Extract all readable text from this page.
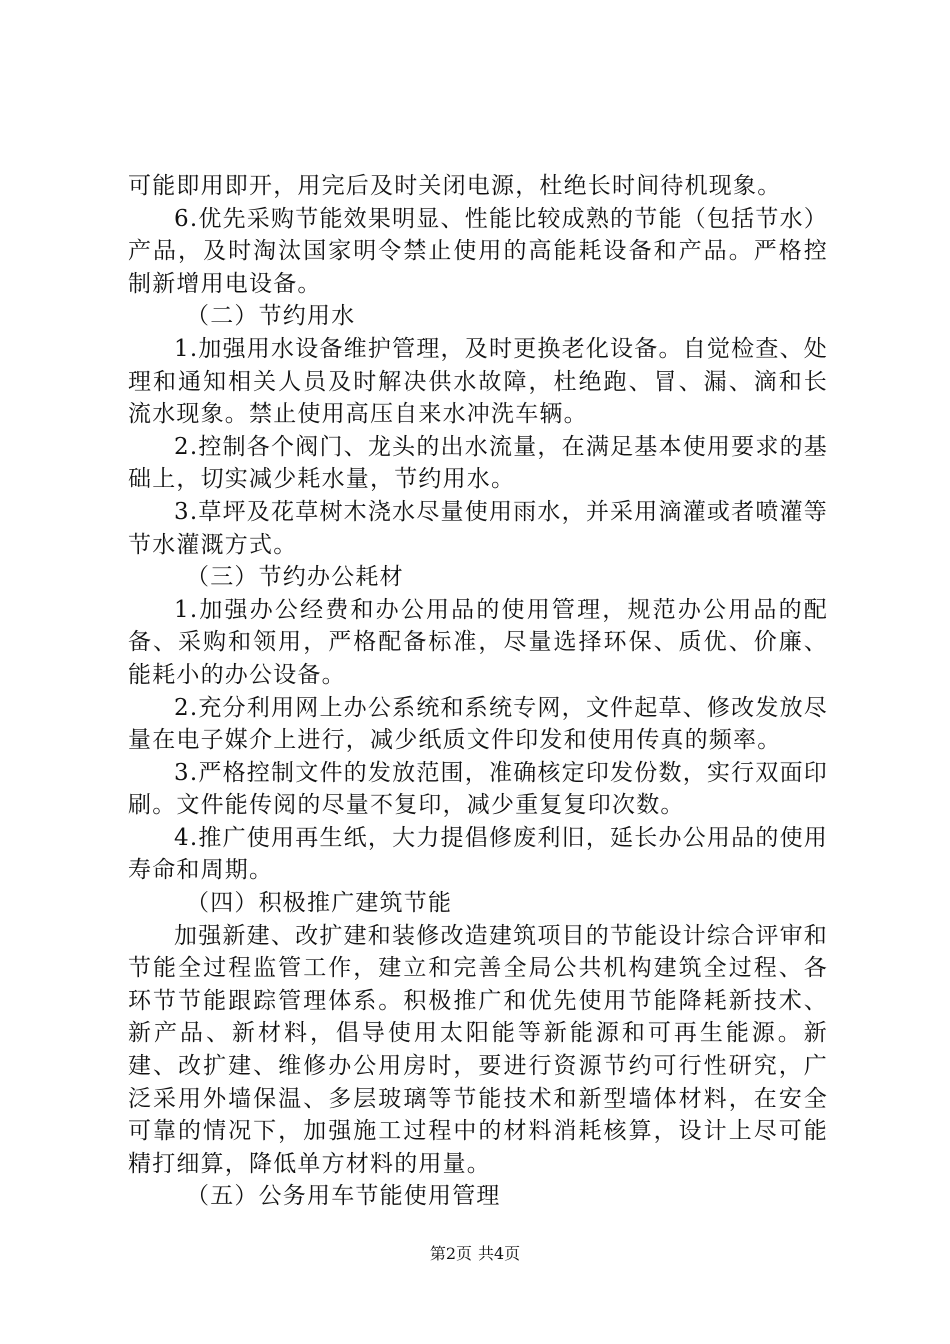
可能即用即开，用完后及时关闭电源，杜绝长时间待机现象。

6.优先采购节能效果明显、性能比较成熟的节能（包括节水）产品，及时淘汰国家明令禁止使用的高能耗设备和产品。严格控制新增用电设备。

（二）节约用水

1.加强用水设备维护管理，及时更换老化设备。自觉检查、处理和通知相关人员及时解决供水故障，杜绝跑、冒、漏、滴和长流水现象。禁止使用高压自来水冲洗车辆。

2.控制各个阀门、龙头的出水流量，在满足基本使用要求的基础上，切实减少耗水量，节约用水。

3.草坪及花草树木浇水尽量使用雨水，并采用滴灌或者喷灌等节水灌溉方式。

（三）节约办公耗材

1.加强办公经费和办公用品的使用管理，规范办公用品的配备、采购和领用，严格配备标准，尽量选择环保、质优、价廉、能耗小的办公设备。

2.充分利用网上办公系统和系统专网，文件起草、修改发放尽量在电子媒介上进行，减少纸质文件印发和使用传真的频率。

3.严格控制文件的发放范围，准确核定印发份数，实行双面印刷。文件能传阅的尽量不复印，减少重复复印次数。

4.推广使用再生纸，大力提倡修废利旧，延长办公用品的使用寿命和周期。

（四）积极推广建筑节能

加强新建、改扩建和装修改造建筑项目的节能设计综合评审和节能全过程监管工作，建立和完善全局公共机构建筑全过程、各环节节能跟踪管理体系。积极推广和优先使用节能降耗新技术、新产品、新材料，倡导使用太阳能等新能源和可再生能源。新建、改扩建、维修办公用房时，要进行资源节约可行性研究，广泛采用外墙保温、多层玻璃等节能技术和新型墙体材料，在安全可靠的情况下，加强施工过程中的材料消耗核算，设计上尽可能精打细算，降低单方材料的用量。

（五）公务用车节能使用管理

第2页 共4页
